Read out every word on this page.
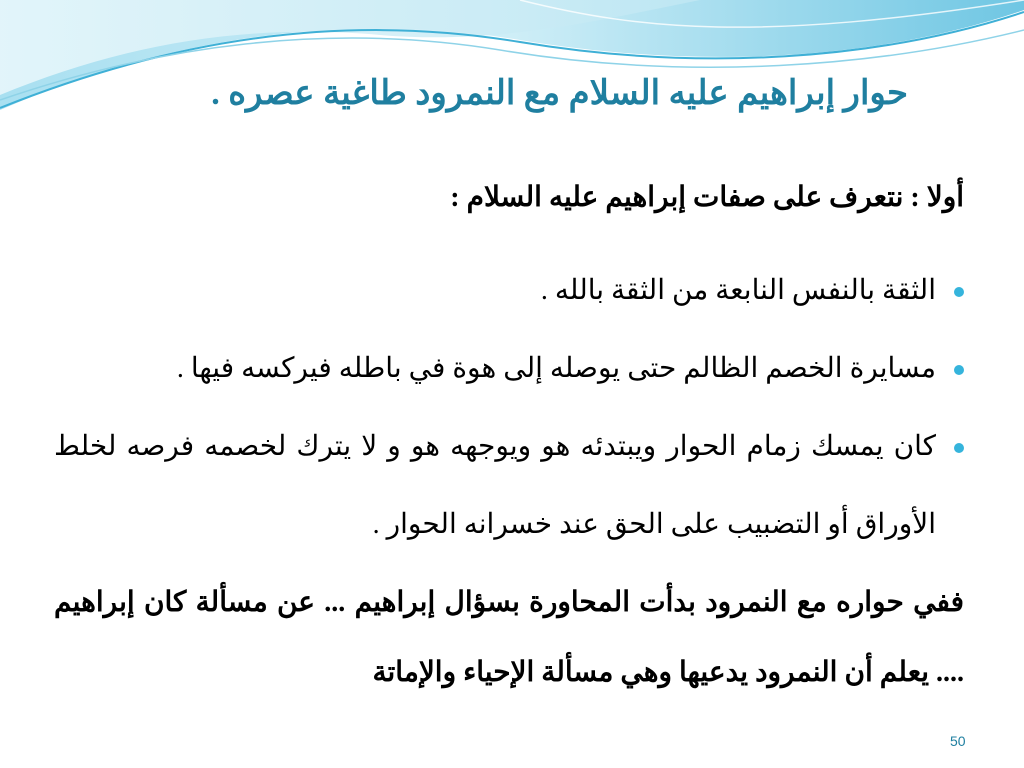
حوار إبراهيم عليه السلام مع النمرود طاغية عصره .

أولا : نتعرف على صفات إبراهيم عليه السلام :

الثقة بالنفس النابعة من الثقة بالله .

مسايرة الخصم الظالم حتى يوصله إلى هوة في باطله فيركسه فيها .

كان يمسك زمام الحوار ويبتدئه هو ويوجهه هو و لا يترك لخصمه فرصه لخلط الأوراق أو التضبيب على الحق عند خسرانه الحوار .

ففي حواره مع النمرود بدأت المحاورة بسؤال إبراهيم ... عن مسألة كان إبراهيم .... يعلم أن النمرود يدعيها وهي مسألة الإحياء والإماتة

50
